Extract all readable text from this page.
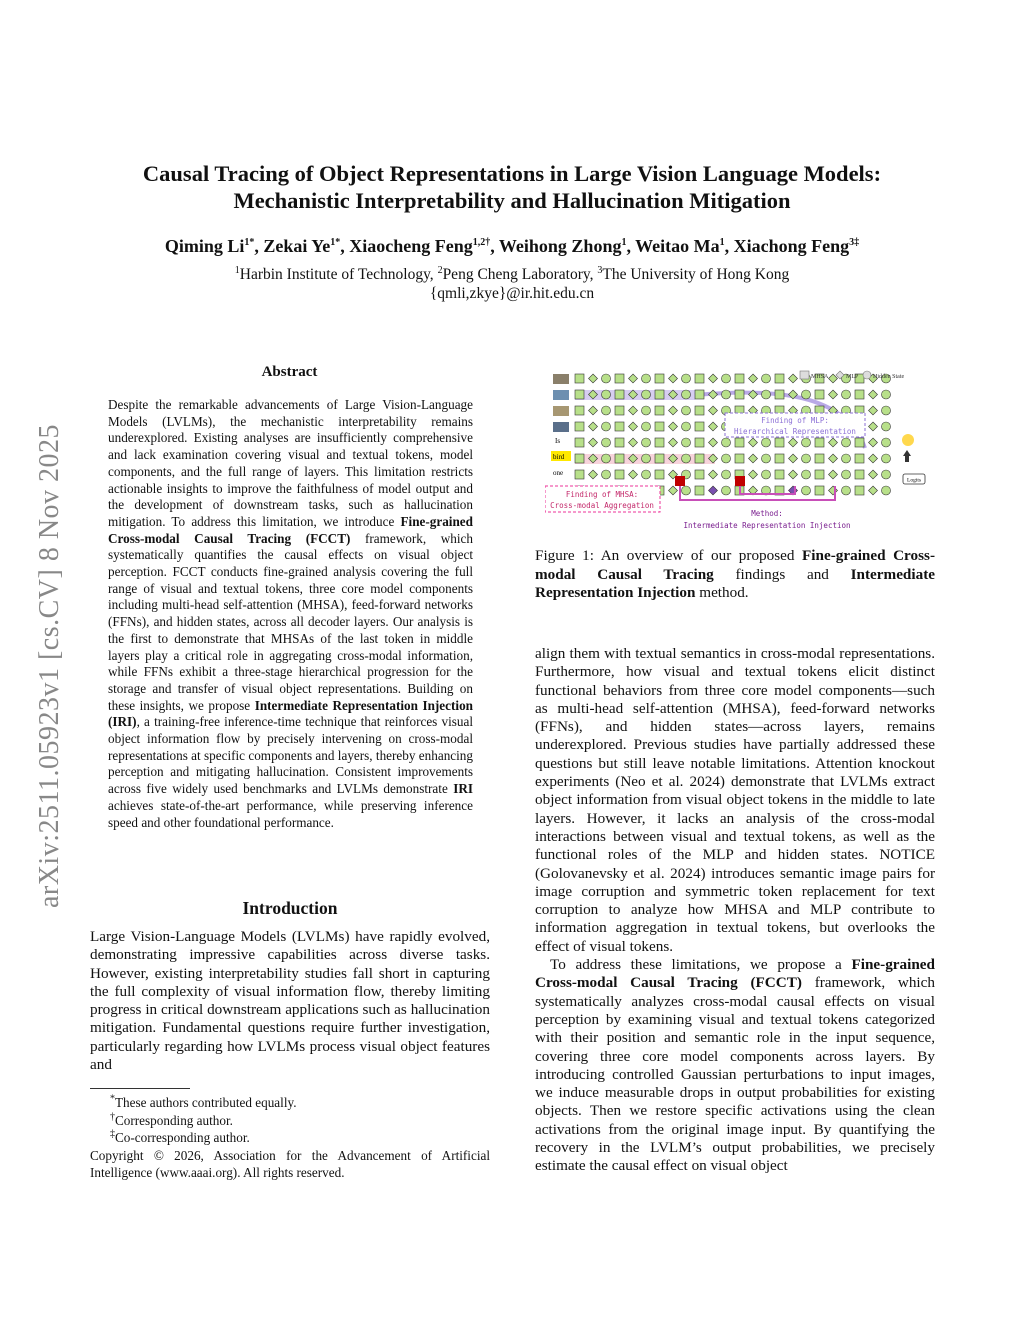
Causal Tracing of Object Representations in Large Vision Language Models:
Mechanistic Interpretability and Hallucination Mitigation
Qiming $Li^{1*}$, Zekai $Ye^{1*}$, Xiaocheng Feng$^{1,2\dagger}$, Weihong Zhong$^1$, Weitao Ma$^1$, Xiachong Feng$^{3\ddagger}$
$^1$Harbin Institute of Technology, $^2$Peng Cheng Laboratory, $^3$The University of Hong Kong
{qmli,zkye}@ir.hit.edu.cn
arXiv:2511.05923v1 [cs.CV] 8 Nov 2025
Abstract
Despite the remarkable advancements of Large Vision-Language Models (LVLMs), the mechanistic interpretability remains underexplored. Existing analyses are insufficiently comprehensive and lack examination covering visual and textual tokens, model components, and the full range of layers. This limitation restricts actionable insights to improve the faithfulness of model output and the development of downstream tasks, such as hallucination mitigation. To address this limitation, we introduce Fine-grained Cross-modal Causal Tracing (FCCT) framework, which systematically quantifies the causal effects on visual object perception. FCCT conducts fine-grained analysis covering the full range of visual and textual tokens, three core model components including multi-head self-attention (MHSA), feed-forward networks (FFNs), and hidden states, across all decoder layers. Our analysis is the first to demonstrate that MHSAs of the last token in middle layers play a critical role in aggregating cross-modal information, while FFNs exhibit a three-stage hierarchical progression for the storage and transfer of visual object representations. Building on these insights, we propose Intermediate Representation Injection (IRI), a training-free inference-time technique that reinforces visual object information flow by precisely intervening on cross-modal representations at specific components and layers, thereby enhancing perception and mitigating hallucination. Consistent improvements across five widely used benchmarks and LVLMs demonstrate IRI achieves state-of-the-art performance, while preserving inference speed and other foundational performance.
Introduction
Large Vision-Language Models (LVLMs) have rapidly evolved, demonstrating impressive capabilities across diverse tasks. However, existing interpretability studies fall short in capturing the full complexity of visual information flow, thereby limiting progress in critical downstream applications such as hallucination mitigation. Fundamental questions require further investigation, particularly regarding how LVLMs process visual object features and
*These authors contributed equally.
†Corresponding author.
‡Co-corresponding author.
Copyright © 2026, Association for the Advancement of Artificial Intelligence (www.aaai.org). All rights reserved.
MHSA	MLP Hidden State
Is
bird
one
Finding of MLP:
Hierarchical Representation
Finding of MHSA:
Cross-modal Aggregation
Method:
Intermediate Representation Injection
Logits
Figure 1: An overview of our proposed Fine-grained Cross-modal Causal Tracing findings and Intermediate Representation Injection method.

align them with textual semantics in cross-modal representations. Furthermore, how visual and textual tokens elicit distinct functional behaviors from three core model components—such as multi-head self-attention (MHSA), feed-forward networks (FFNs), and hidden states—across layers, remains underexplored. Previous studies have partially addressed these questions but still leave notable limitations. Attention knockout experiments (Neo et al. 2024) demonstrate that LVLMs extract object information from visual object tokens in the middle to late layers. However, it lacks an analysis of the cross-modal interactions between visual and textual tokens, as well as the functional roles of the MLP and hidden states. NOTICE (Golovanevsky et al. 2024) introduces semantic image pairs for image corruption and symmetric token replacement for text corruption to analyze how MHSA and MLP contribute to information aggregation in textual tokens, but overlooks the effect of visual tokens.

To address these limitations, we propose a Fine-grained Cross-modal Causal Tracing (FCCT) framework, which systematically analyzes cross-modal causal effects on visual perception by examining visual and textual tokens categorized with their position and semantic role in the input sequence, covering three core model components across layers. By introducing controlled Gaussian perturbations to input images, we induce measurable drops in output probabilities for existing objects. Then we restore specific activations using the clean activations from the original image input. By quantifying the recovery in the LVLM’s output probabilities, we precisely estimate the causal effect on visual object
